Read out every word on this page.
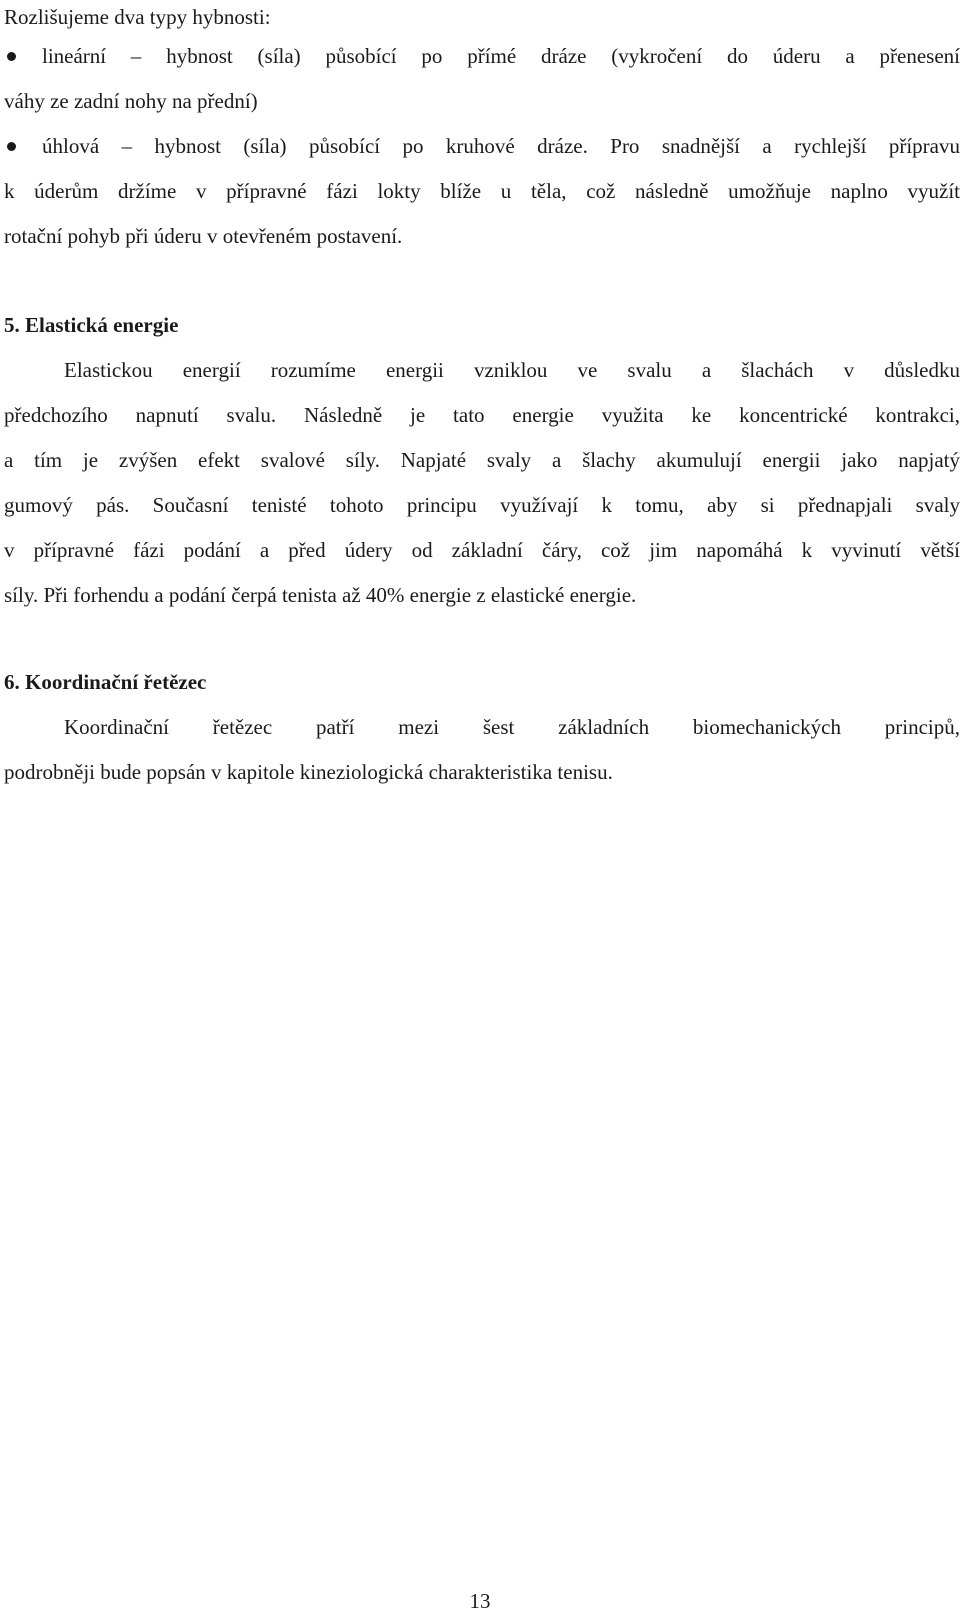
Rozlišujeme dva typy hybnosti:
lineární – hybnost (síla) působící po přímé dráze (vykročení do úderu a přenesení
váhy ze zadní nohy na přední)
úhlová – hybnost (síla) působící po kruhové dráze. Pro snadnější a rychlejší přípravu
k úderům držíme v přípravné fázi lokty blíže u těla, což následně umožňuje naplno využít
rotační pohyb při úderu v otevřeném postavení.
5. Elastická energie
Elastickou energií rozumíme energii vzniklou ve svalu a šlachách v důsledku
předchozího napnutí svalu. Následně je tato energie využita ke koncentrické kontrakci,
a tím je zvýšen efekt svalové síly. Napjaté svaly a šlachy akumulují energii jako napjatý
gumový pás. Současní tenisté tohoto principu využívají k tomu, aby si přednapjali svaly
v přípravné fázi podání a před údery od základní čáry, což jim napomáhá k vyvinutí větší
síly. Při forhendu a podání čerpá tenista až 40% energie z elastické energie.
6. Koordinační řetězec
Koordinační řetězec patří mezi šest základních biomechanických principů,
podrobněji bude popsán v kapitole kineziologická charakteristika tenisu.
13
